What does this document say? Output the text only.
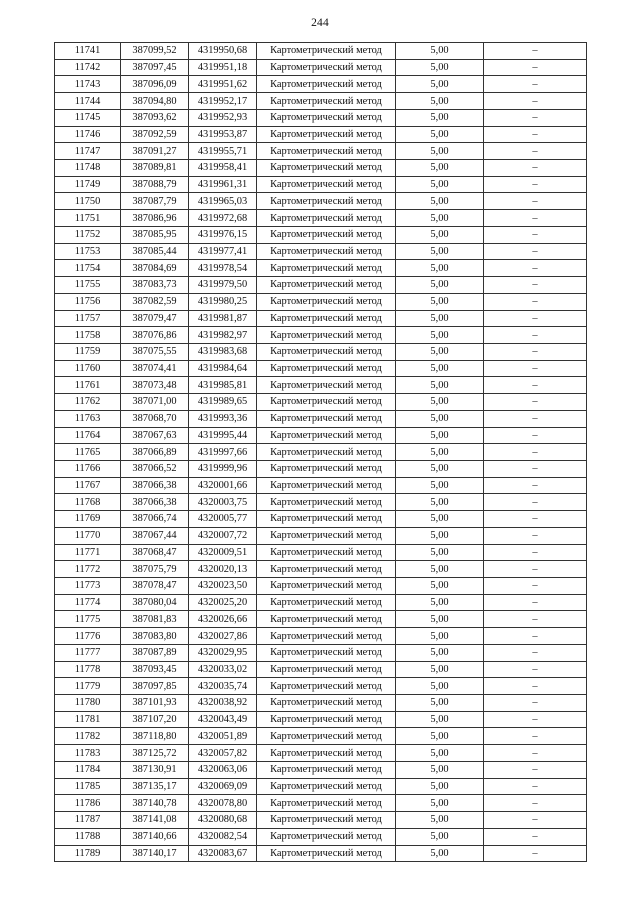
244
11741	387099,52	4319950,68	Картометрический метод	5,00	–
11742	387097,45	4319951,18	Картометрический метод	5,00	–
11743	387096,09	4319951,62	Картометрический метод	5,00	–
11744	387094,80	4319952,17	Картометрический метод	5,00	–
11745	387093,62	4319952,93	Картометрический метод	5,00	–
11746	387092,59	4319953,87	Картометрический метод	5,00	–
11747	387091,27	4319955,71	Картометрический метод	5,00	–
11748	387089,81	4319958,41	Картометрический метод	5,00	–
11749	387088,79	4319961,31	Картометрический метод	5,00	–
11750	387087,79	4319965,03	Картометрический метод	5,00	–
11751	387086,96	4319972,68	Картометрический метод	5,00	–
11752	387085,95	4319976,15	Картометрический метод	5,00	–
11753	387085,44	4319977,41	Картометрический метод	5,00	–
11754	387084,69	4319978,54	Картометрический метод	5,00	–
11755	387083,73	4319979,50	Картометрический метод	5,00	–
11756	387082,59	4319980,25	Картометрический метод	5,00	–
11757	387079,47	4319981,87	Картометрический метод	5,00	–
11758	387076,86	4319982,97	Картометрический метод	5,00	–
11759	387075,55	4319983,68	Картометрический метод	5,00	–
11760	387074,41	4319984,64	Картометрический метод	5,00	–
11761	387073,48	4319985,81	Картометрический метод	5,00	–
11762	387071,00	4319989,65	Картометрический метод	5,00	–
11763	387068,70	4319993,36	Картометрический метод	5,00	–
11764	387067,63	4319995,44	Картометрический метод	5,00	–
11765	387066,89	4319997,66	Картометрический метод	5,00	–
11766	387066,52	4319999,96	Картометрический метод	5,00	–
11767	387066,38	4320001,66	Картометрический метод	5,00	–
11768	387066,38	4320003,75	Картометрический метод	5,00	–
11769	387066,74	4320005,77	Картометрический метод	5,00	–
11770	387067,44	4320007,72	Картометрический метод	5,00	–
11771	387068,47	4320009,51	Картометрический метод	5,00	–
11772	387075,79	4320020,13	Картометрический метод	5,00	–
11773	387078,47	4320023,50	Картометрический метод	5,00	–
11774	387080,04	4320025,20	Картометрический метод	5,00	–
11775	387081,83	4320026,66	Картометрический метод	5,00	–
11776	387083,80	4320027,86	Картометрический метод	5,00	–
11777	387087,89	4320029,95	Картометрический метод	5,00	–
11778	387093,45	4320033,02	Картометрический метод	5,00	–
11779	387097,85	4320035,74	Картометрический метод	5,00	–
11780	387101,93	4320038,92	Картометрический метод	5,00	–
11781	387107,20	4320043,49	Картометрический метод	5,00	–
11782	387118,80	4320051,89	Картометрический метод	5,00	–
11783	387125,72	4320057,82	Картометрический метод	5,00	–
11784	387130,91	4320063,06	Картометрический метод	5,00	–
11785	387135,17	4320069,09	Картометрический метод	5,00	–
11786	387140,78	4320078,80	Картометрический метод	5,00	–
11787	387141,08	4320080,68	Картометрический метод	5,00	–
11788	387140,66	4320082,54	Картометрический метод	5,00	–
11789	387140,17	4320083,67	Картометрический метод	5,00	–
